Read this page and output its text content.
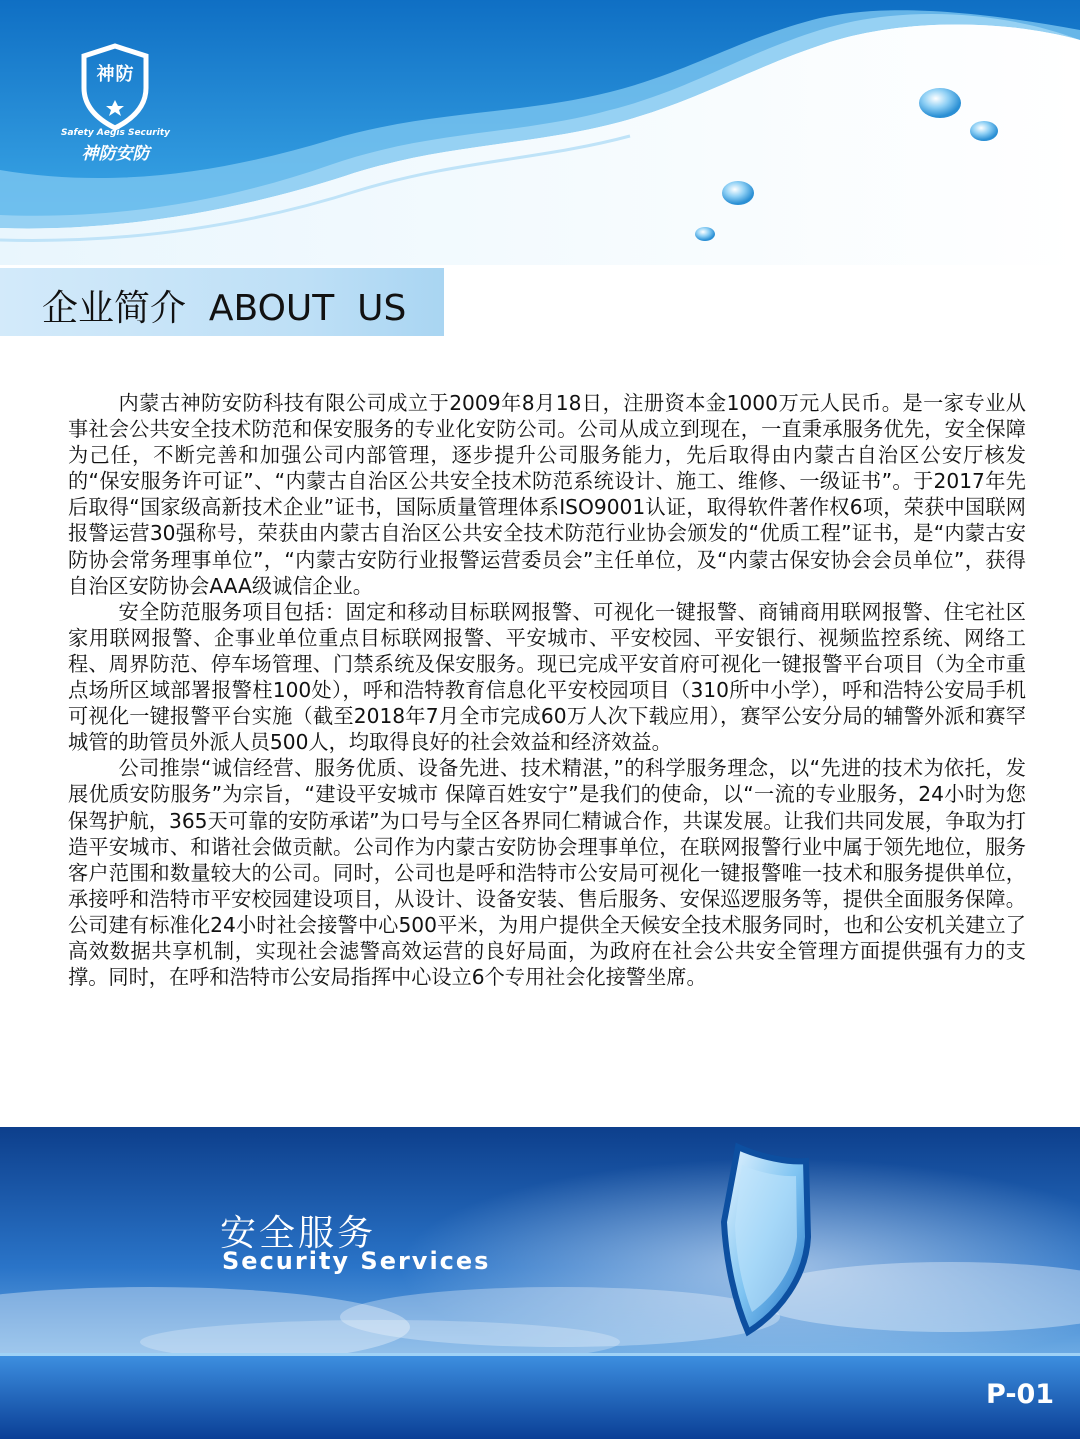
神防
Safety Aegis Security
神防安防
企业简介  ABOUT  US

内蒙古神防安防科技有限公司成立于2009年8月18日，注册资本金1000万元人民币。是一家专业从事社会公共安全技术防范和保安服务的专业化安防公司。公司从成立到现在，一直秉承服务优先，安全保障为己任，不断完善和加强公司内部管理，逐步提升公司服务能力，先后取得由内蒙古自治区公安厅核发的“保安服务许可证”、“内蒙古自治区公共安全技术防范系统设计、施工、维修、一级证书”。于2017年先后取得“国家级高新技术企业”证书，国际质量管理体系ISO9001认证，取得软件著作权6项，荣获中国联网报警运营30强称号，荣获由内蒙古自治区公共安全技术防范行业协会颁发的“优质工程”证书，是“内蒙古安防协会常务理事单位”，“内蒙古安防行业报警运营委员会”主任单位，及“内蒙古保安协会会员单位”，获得自治区安防协会AAA级诚信企业。

安全防范服务项目包括：固定和移动目标联网报警、可视化一键报警、商铺商用联网报警、住宅社区家用联网报警、企事业单位重点目标联网报警、平安城市、平安校园、平安银行、视频监控系统、网络工程、周界防范、停车场管理、门禁系统及保安服务。现已完成平安首府可视化一键报警平台项目（为全市重点场所区域部署报警柱100处），呼和浩特教育信息化平安校园项目（310所中小学），呼和浩特公安局手机可视化一键报警平台实施（截至2018年7月全市完成60万人次下载应用），赛罕公安分局的辅警外派和赛罕城管的助管员外派人员500人，均取得良好的社会效益和经济效益。

公司推崇“诚信经营、服务优质、设备先进、技术精湛，”的科学服务理念，以“先进的技术为依托，发展优质安防服务”为宗旨，“建设平安城市 保障百姓安宁”是我们的使命，以“一流的专业服务，24小时为您保驾护航，365天可靠的安防承诺”为口号与全区各界同仁精诚合作，共谋发展。让我们共同发展，争取为打造平安城市、和谐社会做贡献。公司作为内蒙古安防协会理事单位，在联网报警行业中属于领先地位，服务客户范围和数量较大的公司。同时，公司也是呼和浩特市公安局可视化一键报警唯一技术和服务提供单位，承接呼和浩特市平安校园建设项目，从设计、设备安装、售后服务、安保巡逻服务等，提供全面服务保障。公司建有标准化24小时社会接警中心500平米，为用户提供全天候安全技术服务同时，也和公安机关建立了高效数据共享机制，实现社会滤警高效运营的良好局面，为政府在社会公共安全管理方面提供强有力的支撑。同时，在呼和浩特市公安局指挥中心设立6个专用社会化接警坐席。

安全服务
Security Services
P-01
